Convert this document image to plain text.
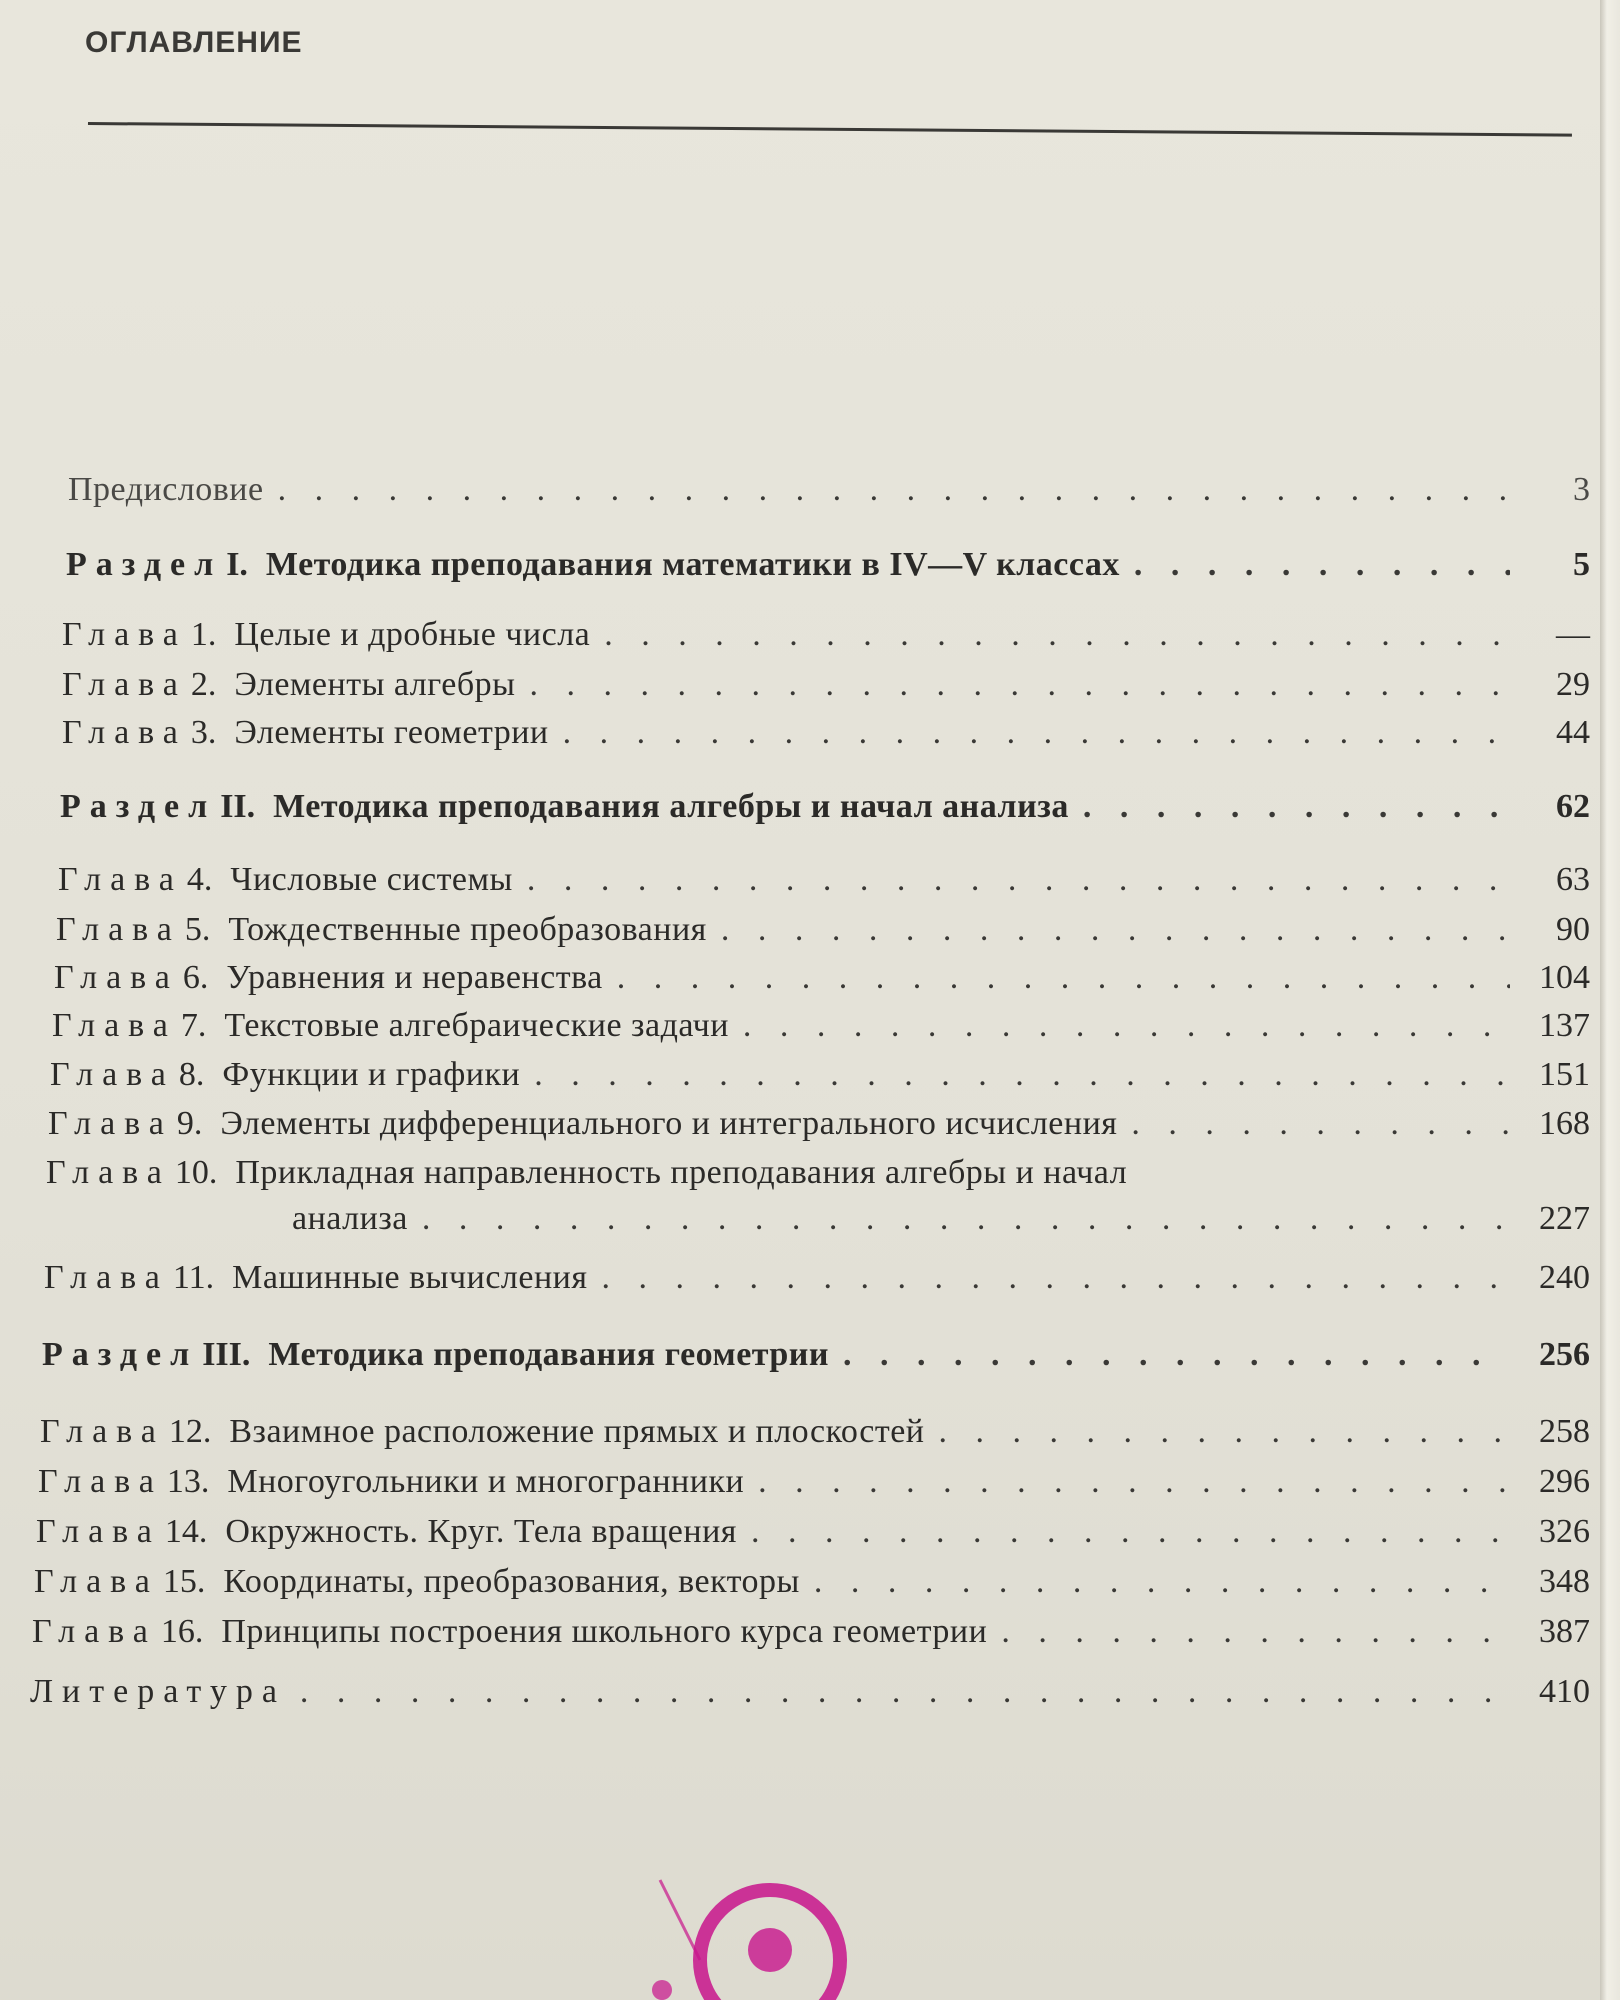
ОГЛАВЛЕНИЕ
Предисловие . . .	3
Раздел I. Методика преподавания математики в IV—V классах . . .	5
Глава 1. Целые и дробные числа . . .	—
Глава 2. Элементы алгебры . . .	29
Глава 3. Элементы геометрии . . .	44
Раздел II. Методика преподавания алгебры и начал анализа . . .	62
Глава 4. Числовые системы . . .	63
Глава 5. Тождественные преобразования . . .	90
Глава 6. Уравнения и неравенства . . .	104
Глава 7. Текстовые алгебраические задачи . . .	137
Глава 8. Функции и графики . . .	151
Глава 9. Элементы дифференциального и интегрального исчисления . . .	168
Глава 10. Прикладная направленность преподавания алгебры и начал
анализа . . .	227
Глава 11. Машинные вычисления . . .	240
Раздел III. Методика преподавания геометрии . . .	256
Глава 12. Взаимное расположение прямых и плоскостей . . .	258
Глава 13. Многоугольники и многогранники . . .	296
Глава 14. Окружность. Круг. Тела вращения . . .	326
Глава 15. Координаты, преобразования, векторы . . .	348
Глава 16. Принципы построения школьного курса геометрии . . .	387
Литература . . .	410
